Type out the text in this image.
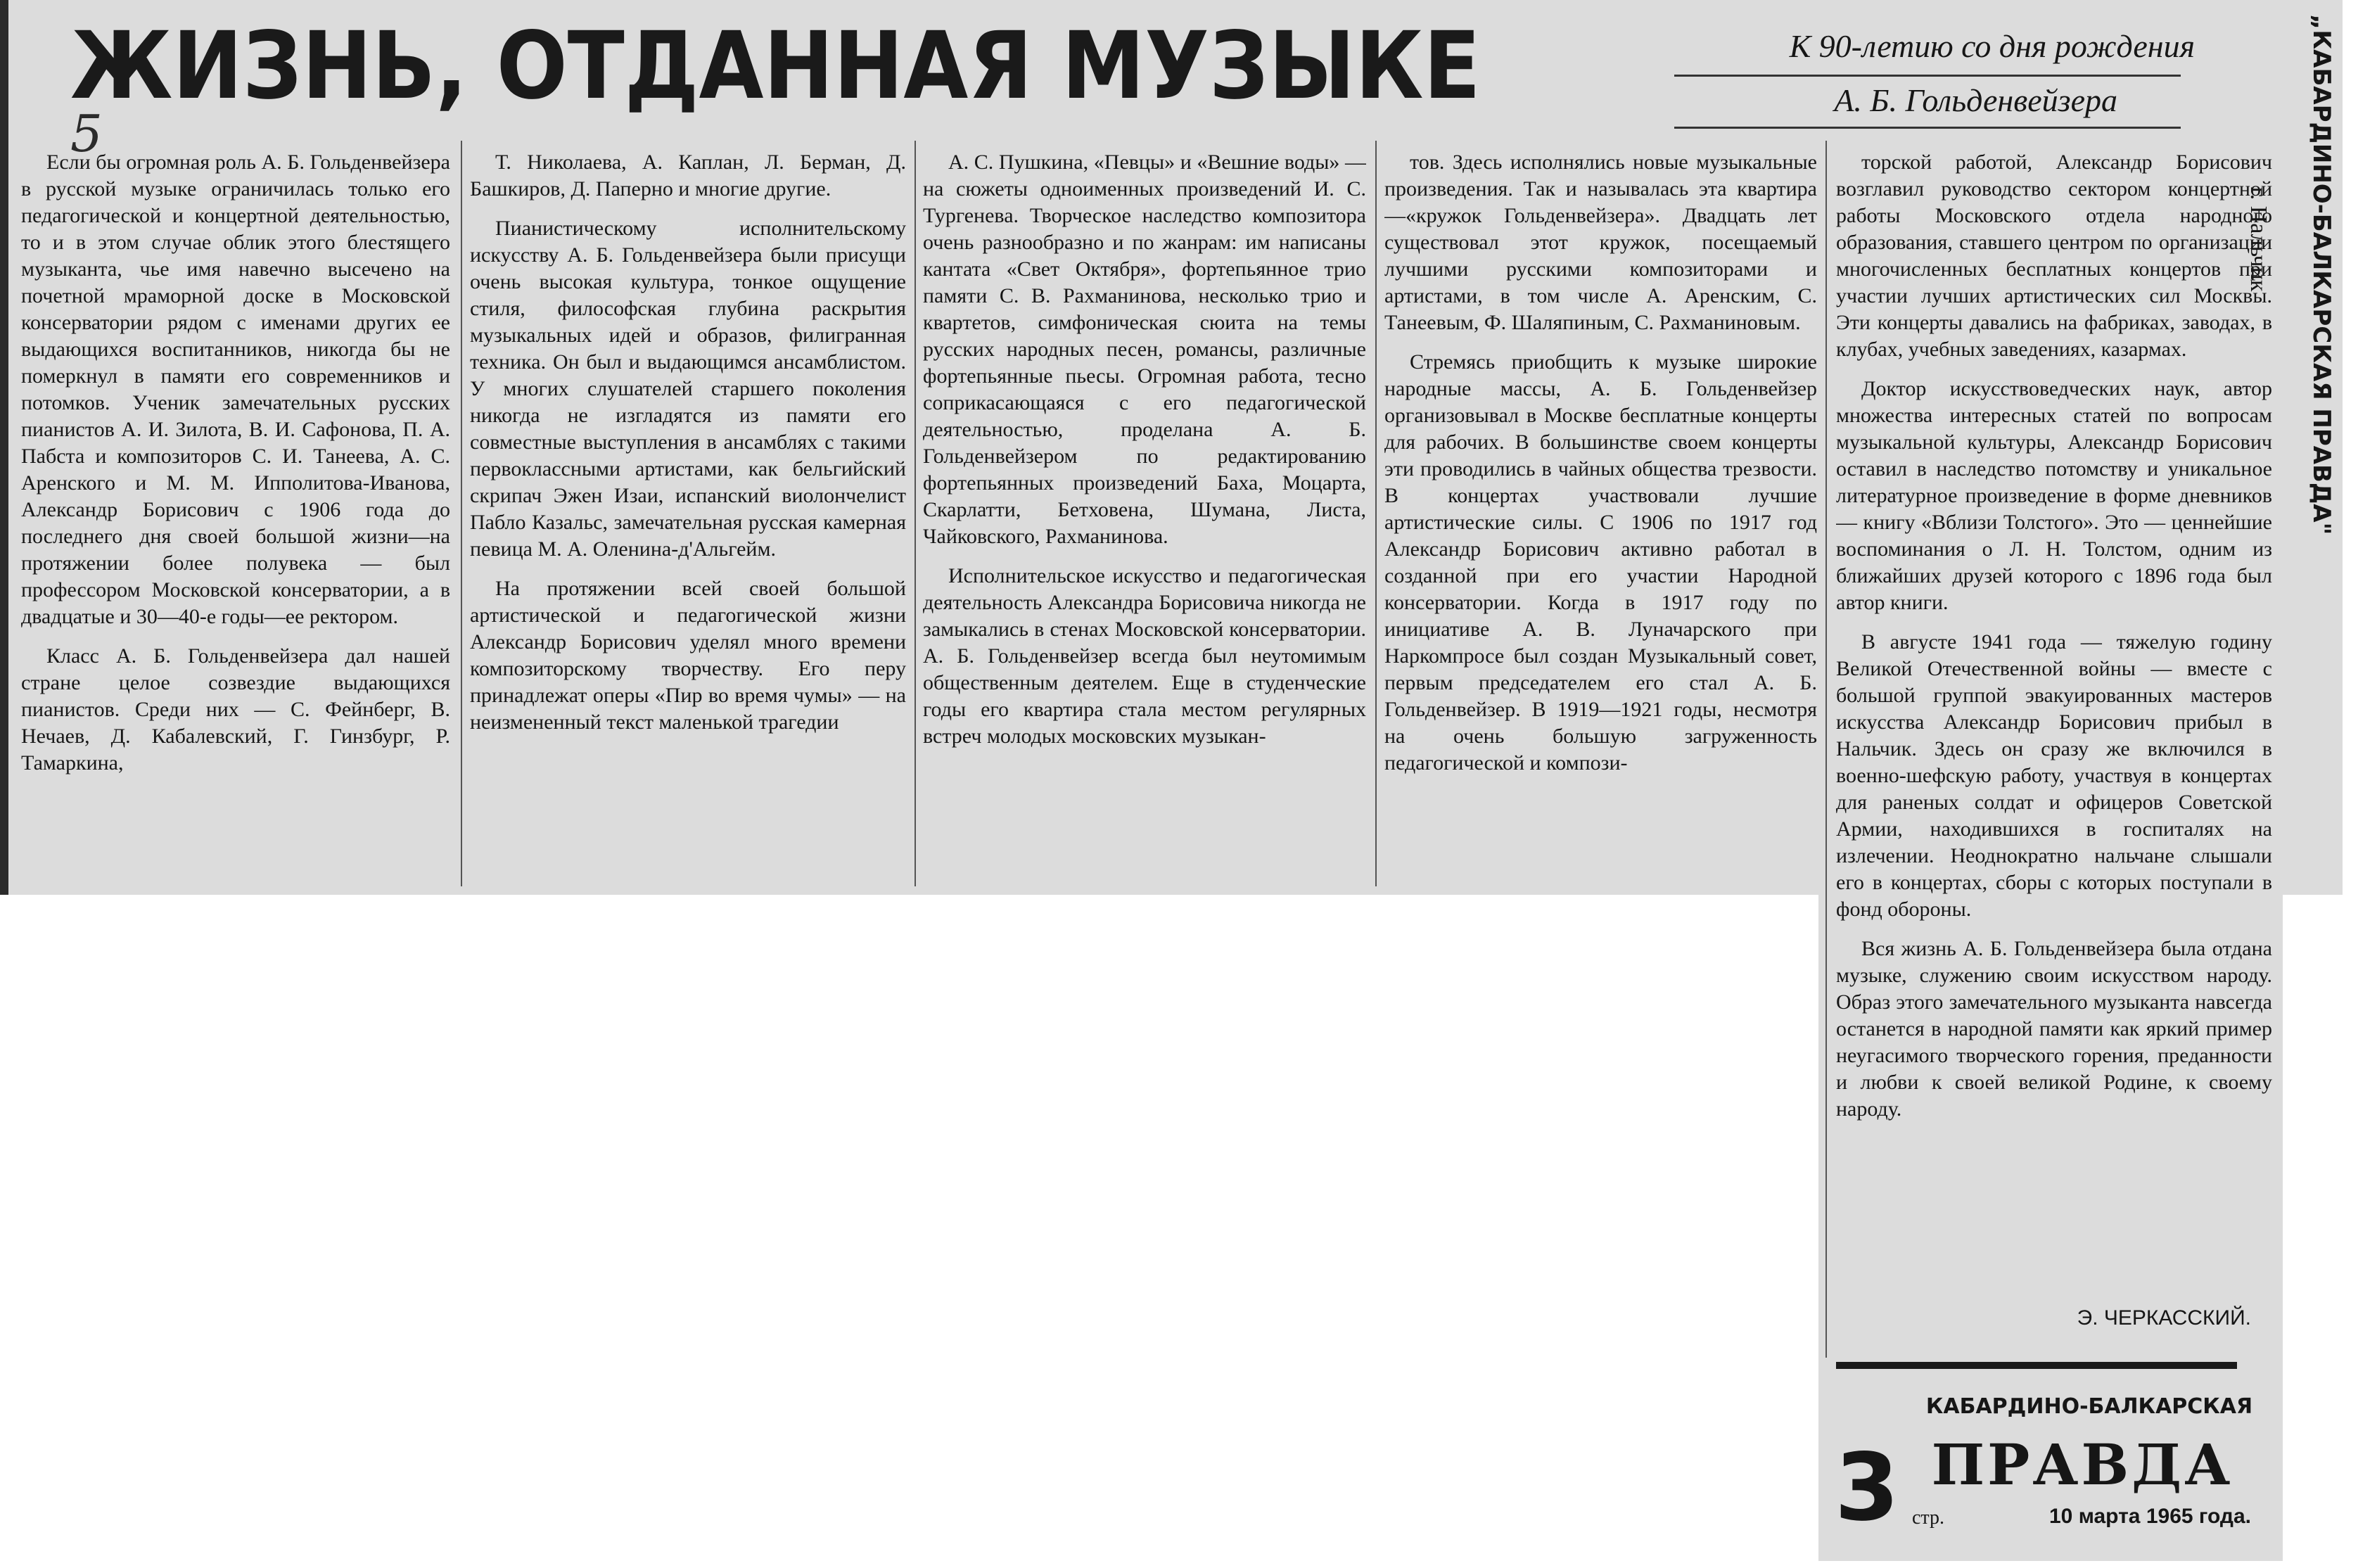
ЖИЗНЬ, ОТДАННАЯ МУЗЫКЕ	К 90-летию со дня рождения
А. Б. Гольденвейзера
5

Если бы огромная роль А. Б. Гольденвейзера в русской музыке ограничилась только его педагогической и концертной деятельностью, то и в этом случае облик этого блестящего музыканта, чье имя навечно высечено на почетной мраморной доске в Московской консерватории рядом с именами других ее выдающихся воспитанников, никогда бы не померкнул в памяти его современников и потомков. Ученик замечательных русских пианистов А. И. Зилота, В. И. Сафонова, П. А. Пабста и композиторов С. И. Танеева, А. С. Аренского и М. М. Ипполитова-Иванова, Александр Борисович с 1906 года до последнего дня своей большой жизни—на протяжении более полувека — был профессором Московской консерватории, а в двадцатые и 30—40-е годы—ее ректором.

Класс А. Б. Гольденвейзера дал нашей стране целое созвездие выдающихся пианистов. Среди них — С. Фейнберг, В. Нечаев, Д. Кабалевский, Г. Гинзбург, Р. Тамаркина,

Т. Николаева, А. Каплан, Л. Берман, Д. Башкиров, Д. Паперно и многие другие.

Пианистическому исполнительскому искусству А. Б. Гольденвейзера были присущи очень высокая культура, тонкое ощущение стиля, философская глубина раскрытия музыкальных идей и образов, филигранная техника. Он был и выдающимся ансамблистом. У многих слушателей старшего поколения никогда не изгладятся из памяти его совместные выступления в ансамблях с такими первоклассными артистами, как бельгийский скрипач Эжен Изаи, испанский виолончелист Пабло Казальс, замечательная русская камерная певица М. А. Оленина-д'Альгейм.

На протяжении всей своей большой артистической и педагогической жизни Александр Борисович уделял много времени композиторскому творчеству. Его перу принадлежат оперы «Пир во время чумы» — на неизмененный текст маленькой трагедии

А. С. Пушкина, «Певцы» и «Вешние воды» — на сюжеты одноименных произведений И. С. Тургенева. Творческое наследство композитора очень разнообразно и по жанрам: им написаны кантата «Свет Октября», фортепьянное трио памяти С. В. Рахманинова, несколько трио и квартетов, симфоническая сюита на темы русских народных песен, романсы, различные фортепьянные пьесы. Огромная работа, тесно соприкасающаяся с его педагогической деятельностью, проделана А. Б. Гольденвейзером по редактированию фортепьянных произведений Баха, Моцарта, Скарлатти, Бетховена, Шумана, Листа, Чайковского, Рахманинова.

Исполнительское искусство и педагогическая деятельность Александра Борисовича никогда не замыкались в стенах Московской консерватории. А. Б. Гольденвейзер всегда был неутомимым общественным деятелем. Еще в студенческие годы его квартира стала местом регулярных встреч молодых московских музыкан-

тов. Здесь исполнялись новые музыкальные произведения. Так и называлась эта квартира—«кружок Гольденвейзера». Двадцать лет существовал этот кружок, посещаемый лучшими русскими композиторами и артистами, в том числе А. Аренским, С. Танеевым, Ф. Шаляпиным, С. Рахманиновым.

Стремясь приобщить к музыке широкие народные массы, А. Б. Гольденвейзер организовывал в Москве бесплатные концерты для рабочих. В большинстве своем концерты эти проводились в чайных общества трезвости. В концертах участвовали лучшие артистические силы. С 1906 по 1917 год Александр Борисович активно работал в созданной при его участии Народной консерватории. Когда в 1917 году по инициативе А. В. Луначарского при Наркомпросе был создан Музыкальный совет, первым председателем его стал А. Б. Гольденвейзер. В 1919—1921 годы, несмотря на очень большую загруженность педагогической и компози-

торской работой, Александр Борисович возглавил руководство сектором концертной работы Московского отдела народного образования, ставшего центром по организации многочисленных бесплатных концертов при участии лучших артистических сил Москвы. Эти концерты давались на фабриках, заводах, в клубах, учебных заведениях, казармах.

Доктор искусствоведческих наук, автор множества интересных статей по вопросам музыкальной культуры, Александр Борисович оставил в наследство потомству и уникальное литературное произведение в форме дневников — книгу «Вблизи Толстого». Это — ценнейшие воспоминания о Л. Н. Толстом, одним из ближайших друзей которого с 1896 года был автор книги.

В августе 1941 года — тяжелую годину Великой Отечественной войны — вместе с большой группой эвакуированных мастеров искусства Александр Борисович прибыл в Нальчик. Здесь он сразу же включился в военно-шефскую работу, участвуя в концертах для раненых солдат и офицеров Советской Армии, находившихся в госпиталях на излечении. Неоднократно нальчане слышали его в концертах, сборы с которых поступали в фонд обороны.

Вся жизнь А. Б. Гольденвейзера была отдана музыке, служению своим искусством народу. Образ этого замечательного музыканта навсегда останется в народной памяти как яркий пример неугасимого творческого горения, преданности и любви к своей великой Родине, к своему народу.

Э. ЧЕРКАССКИЙ.
КАБАРДИНО-БАЛКАРСКАЯ
3 ПРАВДА
стр.	10 марта 1965 года.
„КАБАРДИНО-БАЛКАРСКАЯ ПРАВДА"
г. Нальчик
